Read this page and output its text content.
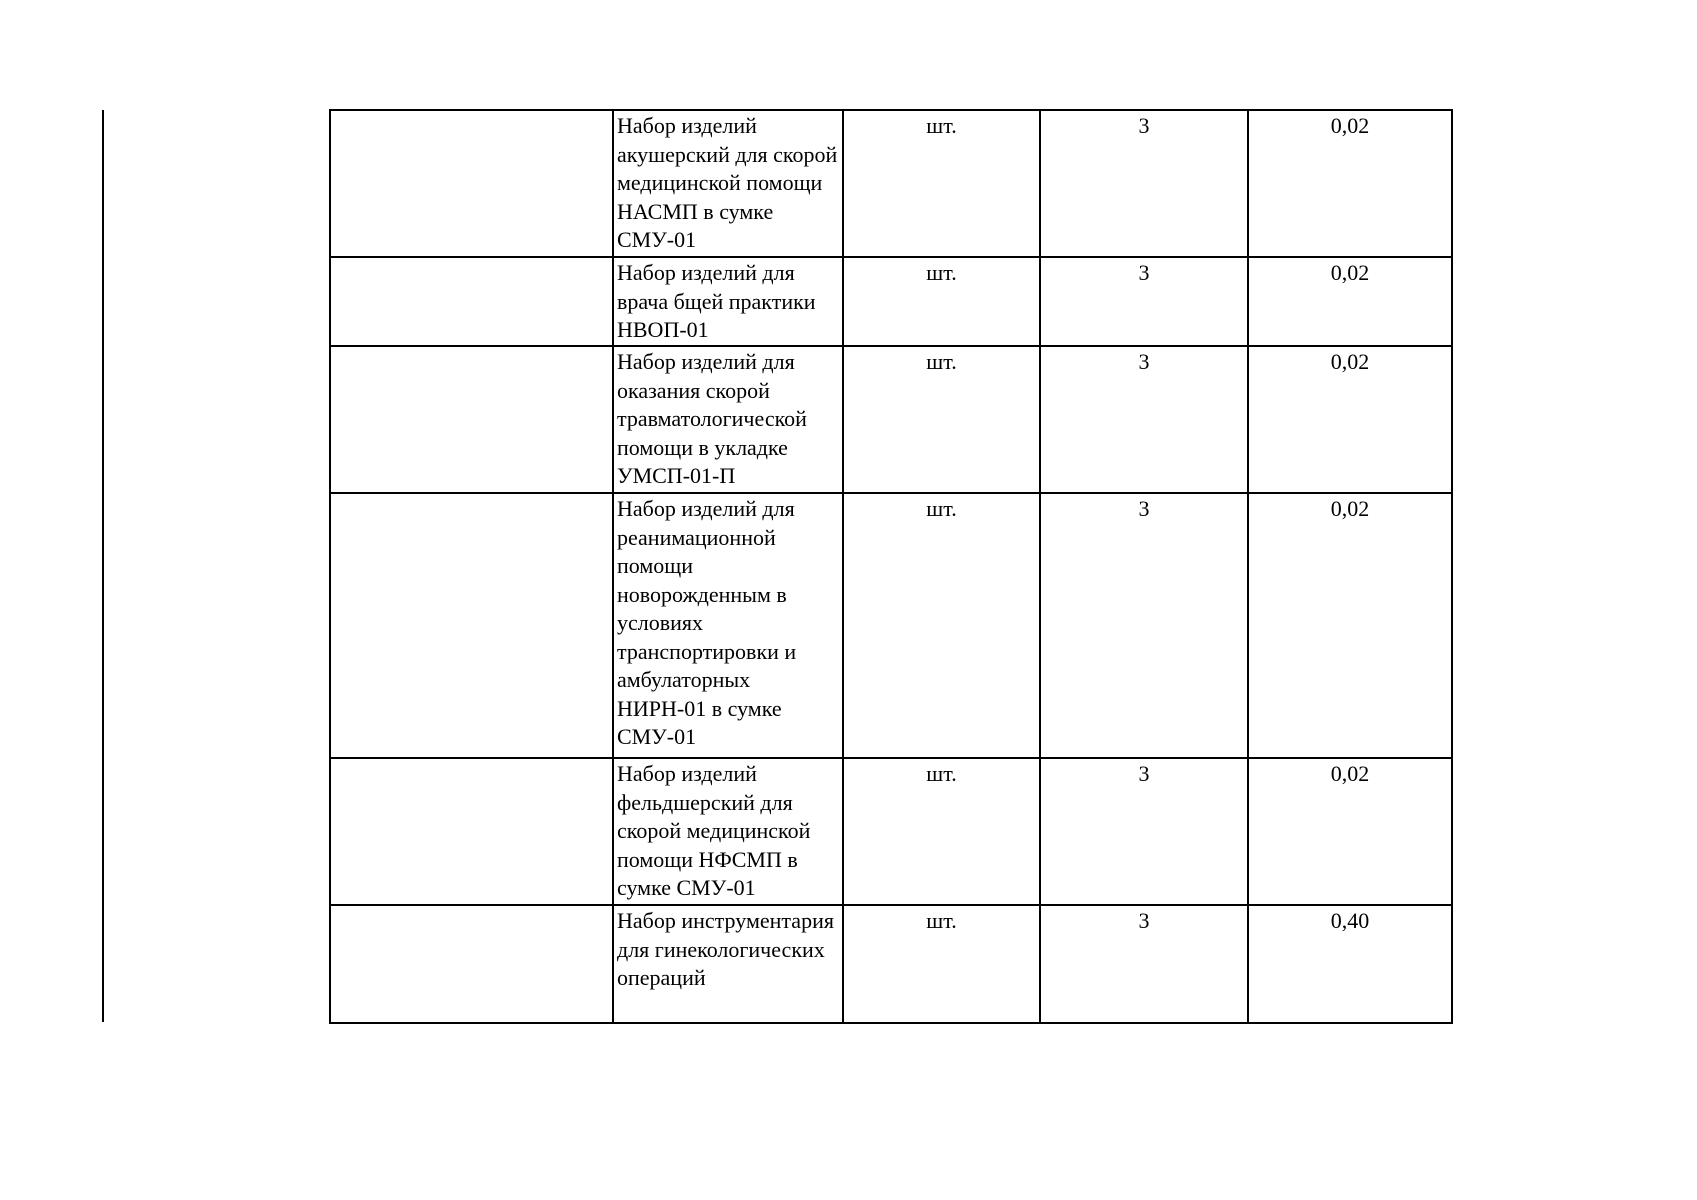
	Набор изделий акушерский для скорой медицинской помощи НАСМП в сумке СМУ-01	шт.	3	0,02
	Набор изделий для врача бщей практики НВОП-01	шт.	3	0,02
	Набор изделий для оказания скорой травматологической помощи в укладке УМСП-01-П	шт.	3	0,02
	Набор изделий для реанимационной помощи новорожденным в условиях транспортировки и амбулаторных НИРН-01 в сумке СМУ-01	шт.	3	0,02
	Набор изделий фельдшерский для скорой медицинской помощи НФСМП в сумке СМУ-01	шт.	3	0,02
	Набор инструментария для гинекологических операций	шт.	3	0,40
